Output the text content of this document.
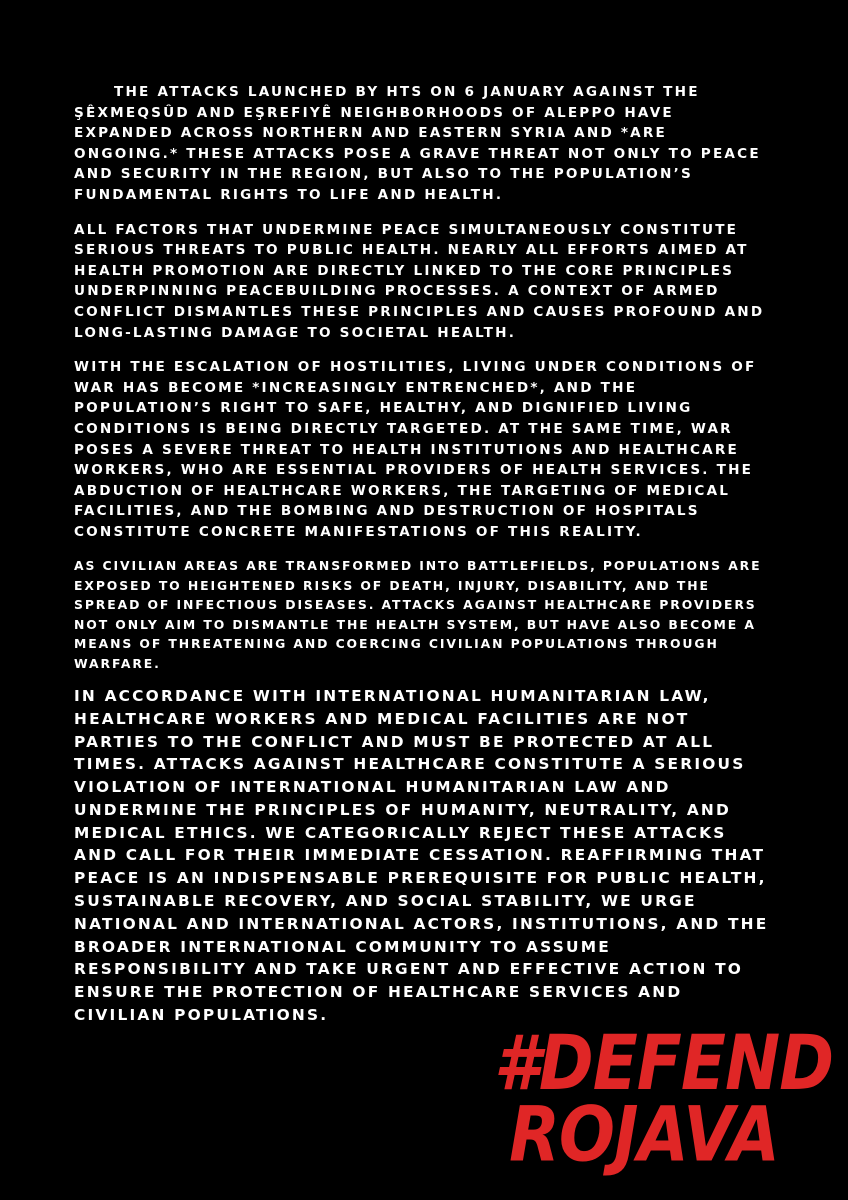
THE ATTACKS LAUNCHED BY HTS ON 6 JANUARY AGAINST THE ŞÊXMEQSÛD AND EŞREFIYÊ NEIGHBORHOODS OF ALEPPO HAVE EXPANDED ACROSS NORTHERN AND EASTERN SYRIA AND *ARE ONGOING.* THESE ATTACKS POSE A GRAVE THREAT NOT ONLY TO PEACE AND SECURITY IN THE REGION, BUT ALSO TO THE POPULATION’S FUNDAMENTAL RIGHTS TO LIFE AND HEALTH.

ALL FACTORS THAT UNDERMINE PEACE SIMULTANEOUSLY CONSTITUTE SERIOUS THREATS TO PUBLIC HEALTH. NEARLY ALL EFFORTS AIMED AT HEALTH PROMOTION ARE DIRECTLY LINKED TO THE CORE PRINCIPLES UNDERPINNING PEACEBUILDING PROCESSES. A CONTEXT OF ARMED CONFLICT DISMANTLES THESE PRINCIPLES AND CAUSES PROFOUND AND LONG-LASTING DAMAGE TO SOCIETAL HEALTH.

WITH THE ESCALATION OF HOSTILITIES, LIVING UNDER CONDITIONS OF WAR HAS BECOME *INCREASINGLY ENTRENCHED*, AND THE POPULATION’S RIGHT TO SAFE, HEALTHY, AND DIGNIFIED LIVING CONDITIONS IS BEING DIRECTLY TARGETED. AT THE SAME TIME, WAR POSES A SEVERE THREAT TO HEALTH INSTITUTIONS AND HEALTHCARE WORKERS, WHO ARE ESSENTIAL PROVIDERS OF HEALTH SERVICES. THE ABDUCTION OF HEALTHCARE WORKERS, THE TARGETING OF MEDICAL FACILITIES, AND THE BOMBING AND DESTRUCTION OF HOSPITALS CONSTITUTE CONCRETE MANIFESTATIONS OF THIS REALITY.

AS CIVILIAN AREAS ARE TRANSFORMED INTO BATTLEFIELDS, POPULATIONS ARE EXPOSED TO HEIGHTENED RISKS OF DEATH, INJURY, DISABILITY, AND THE SPREAD OF INFECTIOUS DISEASES. ATTACKS AGAINST HEALTHCARE PROVIDERS NOT ONLY AIM TO DISMANTLE THE HEALTH SYSTEM, BUT HAVE ALSO BECOME A MEANS OF THREATENING AND COERCING CIVILIAN POPULATIONS THROUGH WARFARE.

IN ACCORDANCE WITH INTERNATIONAL HUMANITARIAN LAW, HEALTHCARE WORKERS AND MEDICAL FACILITIES ARE NOT PARTIES TO THE CONFLICT AND MUST BE PROTECTED AT ALL TIMES. ATTACKS AGAINST HEALTHCARE CONSTITUTE A SERIOUS VIOLATION OF INTERNATIONAL HUMANITARIAN LAW AND UNDERMINE THE PRINCIPLES OF HUMANITY, NEUTRALITY, AND MEDICAL ETHICS. WE CATEGORICALLY REJECT THESE ATTACKS AND CALL FOR THEIR IMMEDIATE CESSATION. REAFFIRMING THAT PEACE IS AN INDISPENSABLE PREREQUISITE FOR PUBLIC HEALTH, SUSTAINABLE RECOVERY, AND SOCIAL STABILITY, WE URGE NATIONAL AND INTERNATIONAL ACTORS, INSTITUTIONS, AND THE BROADER INTERNATIONAL COMMUNITY TO ASSUME RESPONSIBILITY AND TAKE URGENT AND EFFECTIVE ACTION TO ENSURE THE PROTECTION OF HEALTHCARE SERVICES AND CIVILIAN POPULATIONS.

#DEFEND
ROJAVA
